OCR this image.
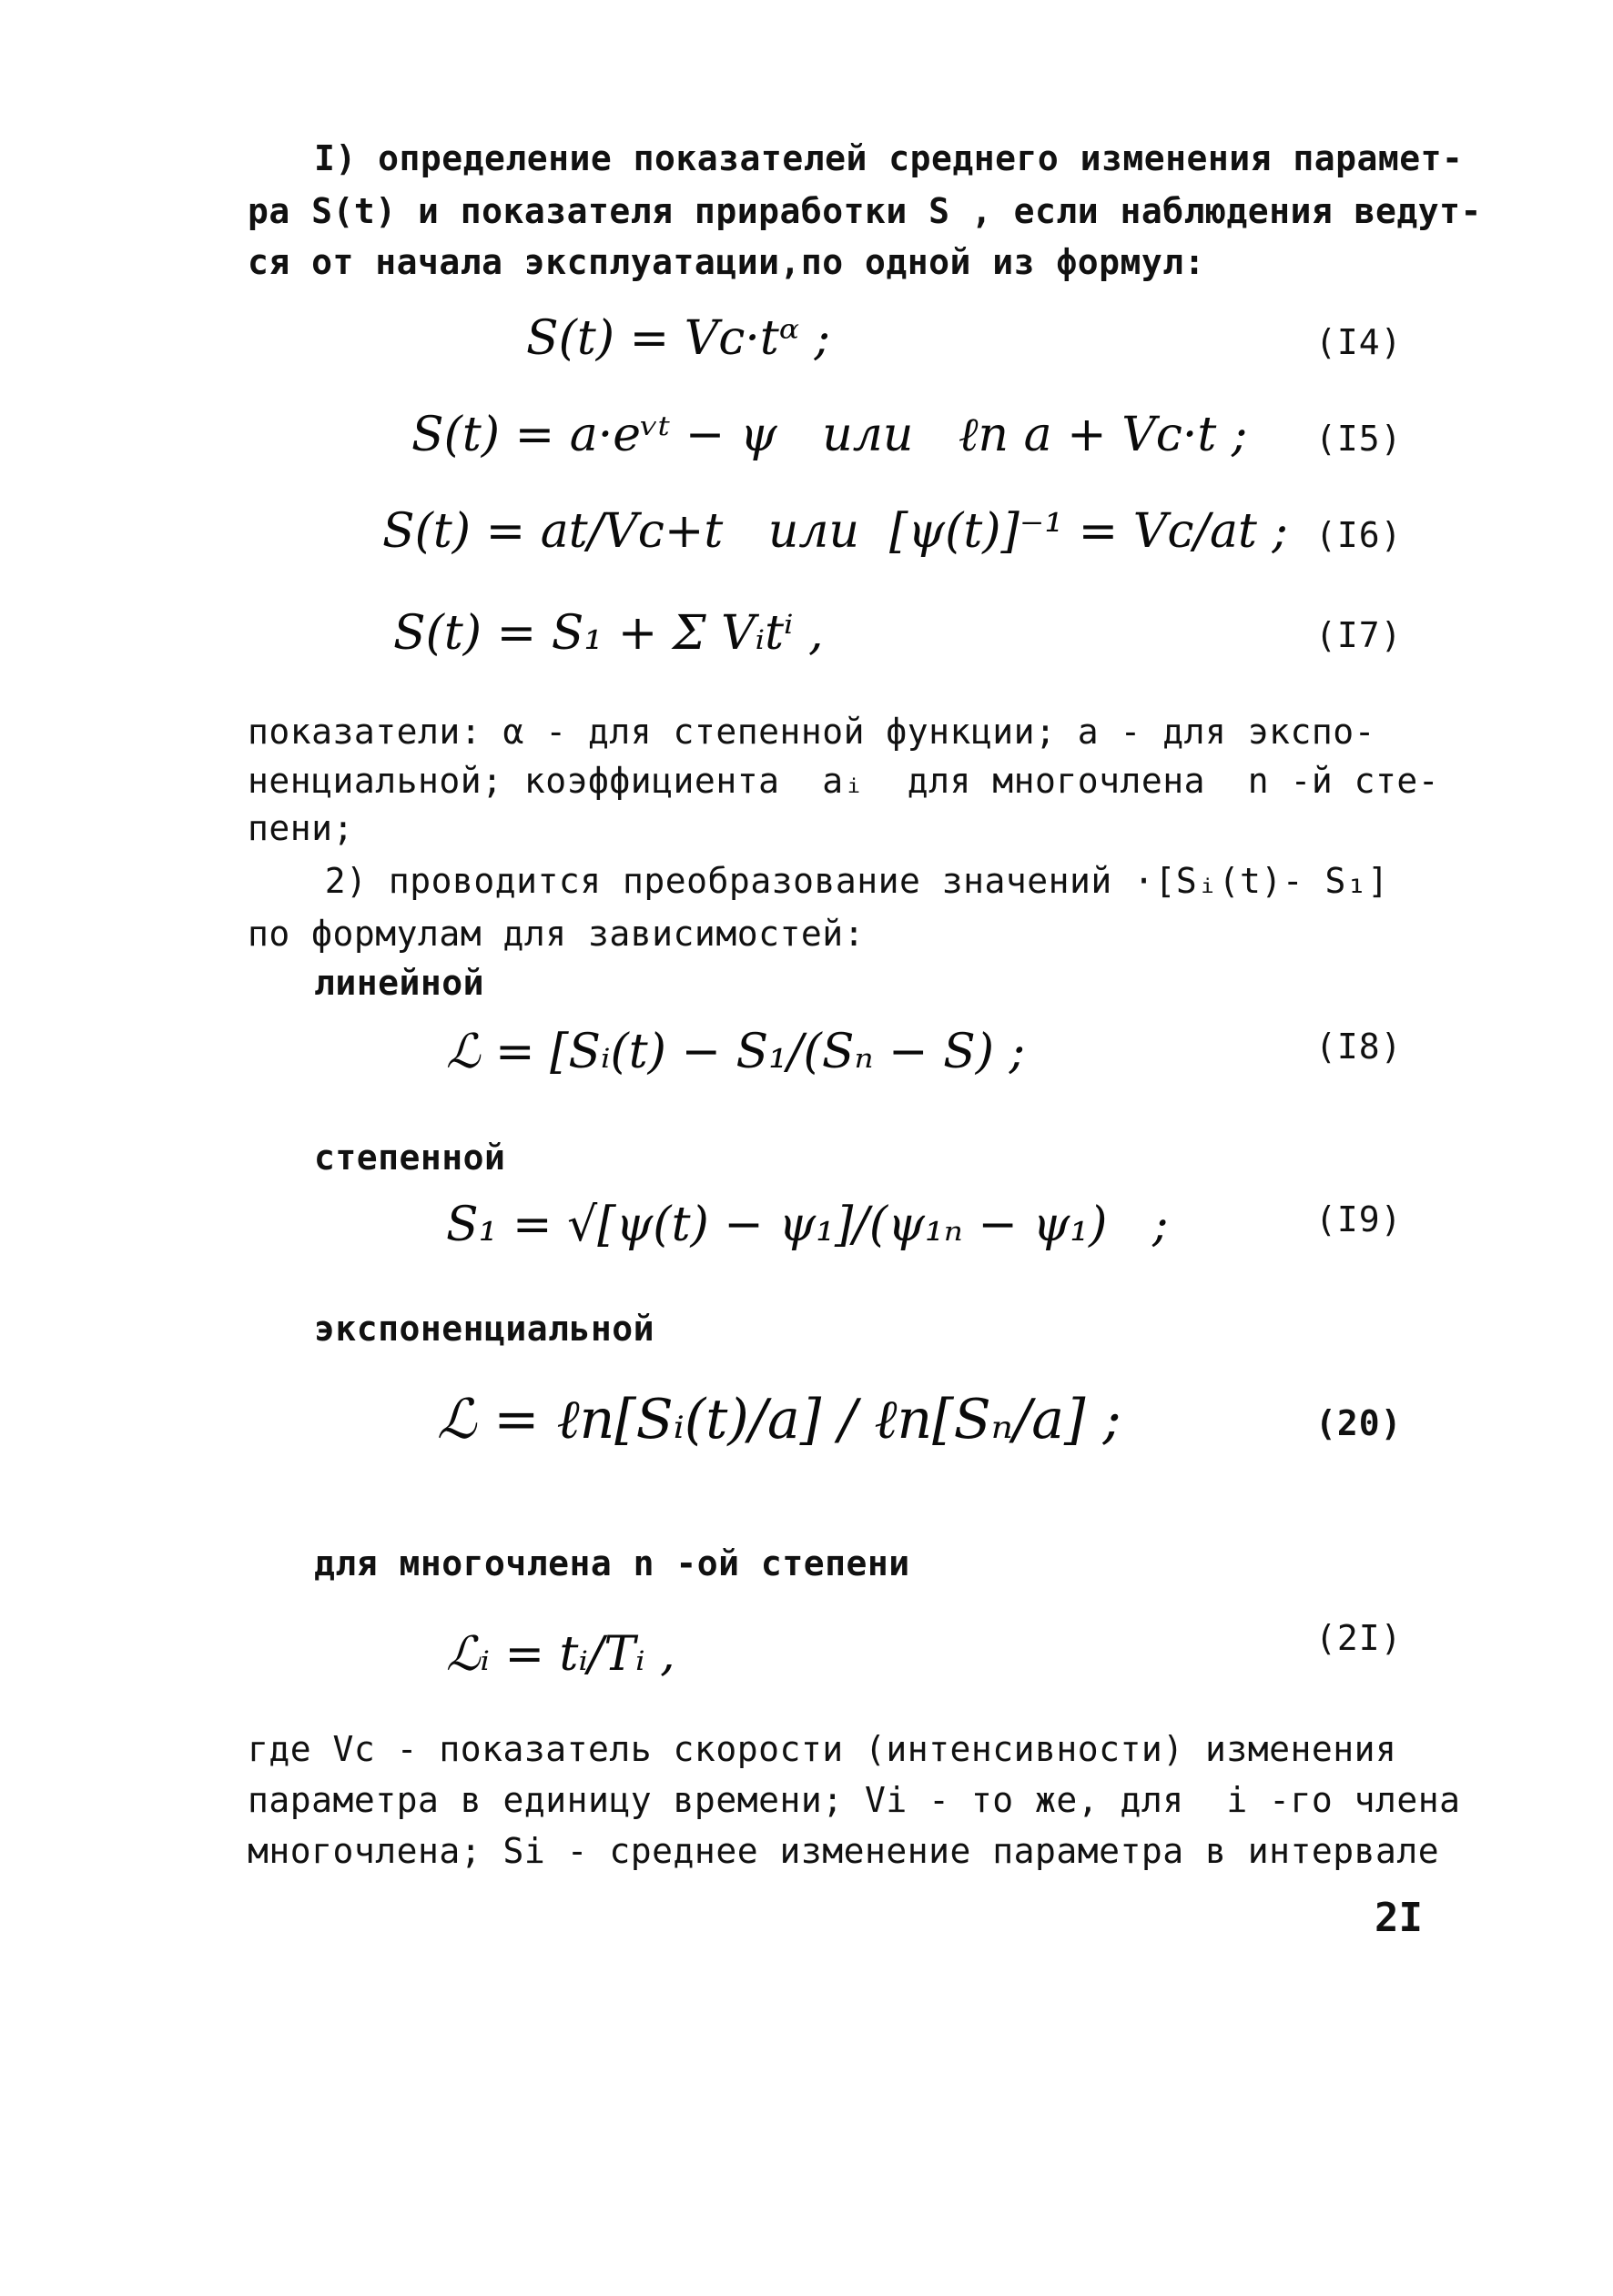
I) определение показателей среднего изменения парамет-
ра S(t) и показателя приработки S , если наблюдения ведут-
ся от начала эксплуатации,по одной из формул:
S(t) = Vᴄ·tᵅ ;	(I4)
S(t) = a·eᵛᵗ − ψ   или   ℓn a + Vᴄ·t ; (I5)
S(t) = at/Vᴄ+t   или  [ψ(t)]⁻¹ = Vᴄ/at ; (I6)
S(t) = S₁ + Σ Vᵢtⁱ ,	(I7)
показатели: α - для степенной функции; a - для экспо-
ненциальной; коэффициента  aᵢ  для многочлена  n -й сте-
пени;
2) проводится преобразование значений ·[Sᵢ(t)- S₁]
по формулам для зависимостей:
линейной
ℒ = [Sᵢ(t) − S₁/(Sₙ − S) ;	(I8)
степенной
S₁ = √[ψ(t) − ψ₁]/(ψ₁ₙ − ψ₁)   ;	(I9)
экспоненциальной
ℒ = ℓn[Sᵢ(t)/a] / ℓn[Sₙ/a] ;	(20)
для многочлена n -ой степени
ℒᵢ = tᵢ/Tᵢ ,	(2I)
где Vc - показатель скорости (интенсивности) изменения
параметра в единицу времени; Vi - то же, для  i -го члена
многочлена; Si - среднее изменение параметра в интервале
2I
